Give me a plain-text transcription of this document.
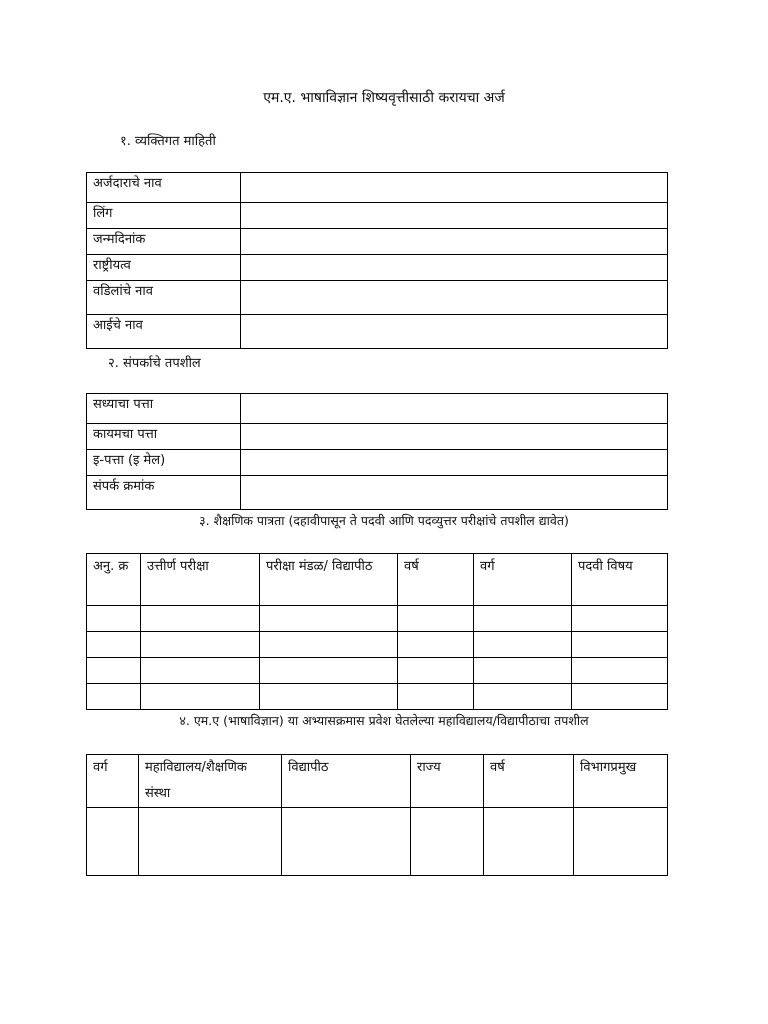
एम.ए. भाषाविज्ञान शिष्यवृत्तीसाठी करायचा अर्ज
१. व्यक्तिगत माहिती
अर्जदाराचे नाव	
लिंग	
जन्मदिनांक	
राष्ट्रीयत्व	
वडिलांचे नाव	
आईचे नाव	
२. संपर्काचे तपशील
सध्याचा पत्ता	
कायमचा पत्ता	
इ-पत्ता (इ मेल)	
संपर्क क्रमांक	
३. शैक्षणिक पात्रता (दहावीपासून ते पदवी आणि पदव्युत्तर परीक्षांचे तपशील द्यावेत)
अनु. क्र	उत्तीर्ण परीक्षा	परीक्षा मंडळ/ विद्यापीठ	वर्ष	वर्ग	पदवी विषय

४. एम.ए (भाषाविज्ञान) या अभ्यासक्रमास प्रवेश घेतलेल्या महाविद्यालय/विद्यापीठाचा तपशील
वर्ग	महाविद्यालय/शैक्षणिक संस्था	विद्यापीठ	राज्य	वर्ष	विभागप्रमुख
